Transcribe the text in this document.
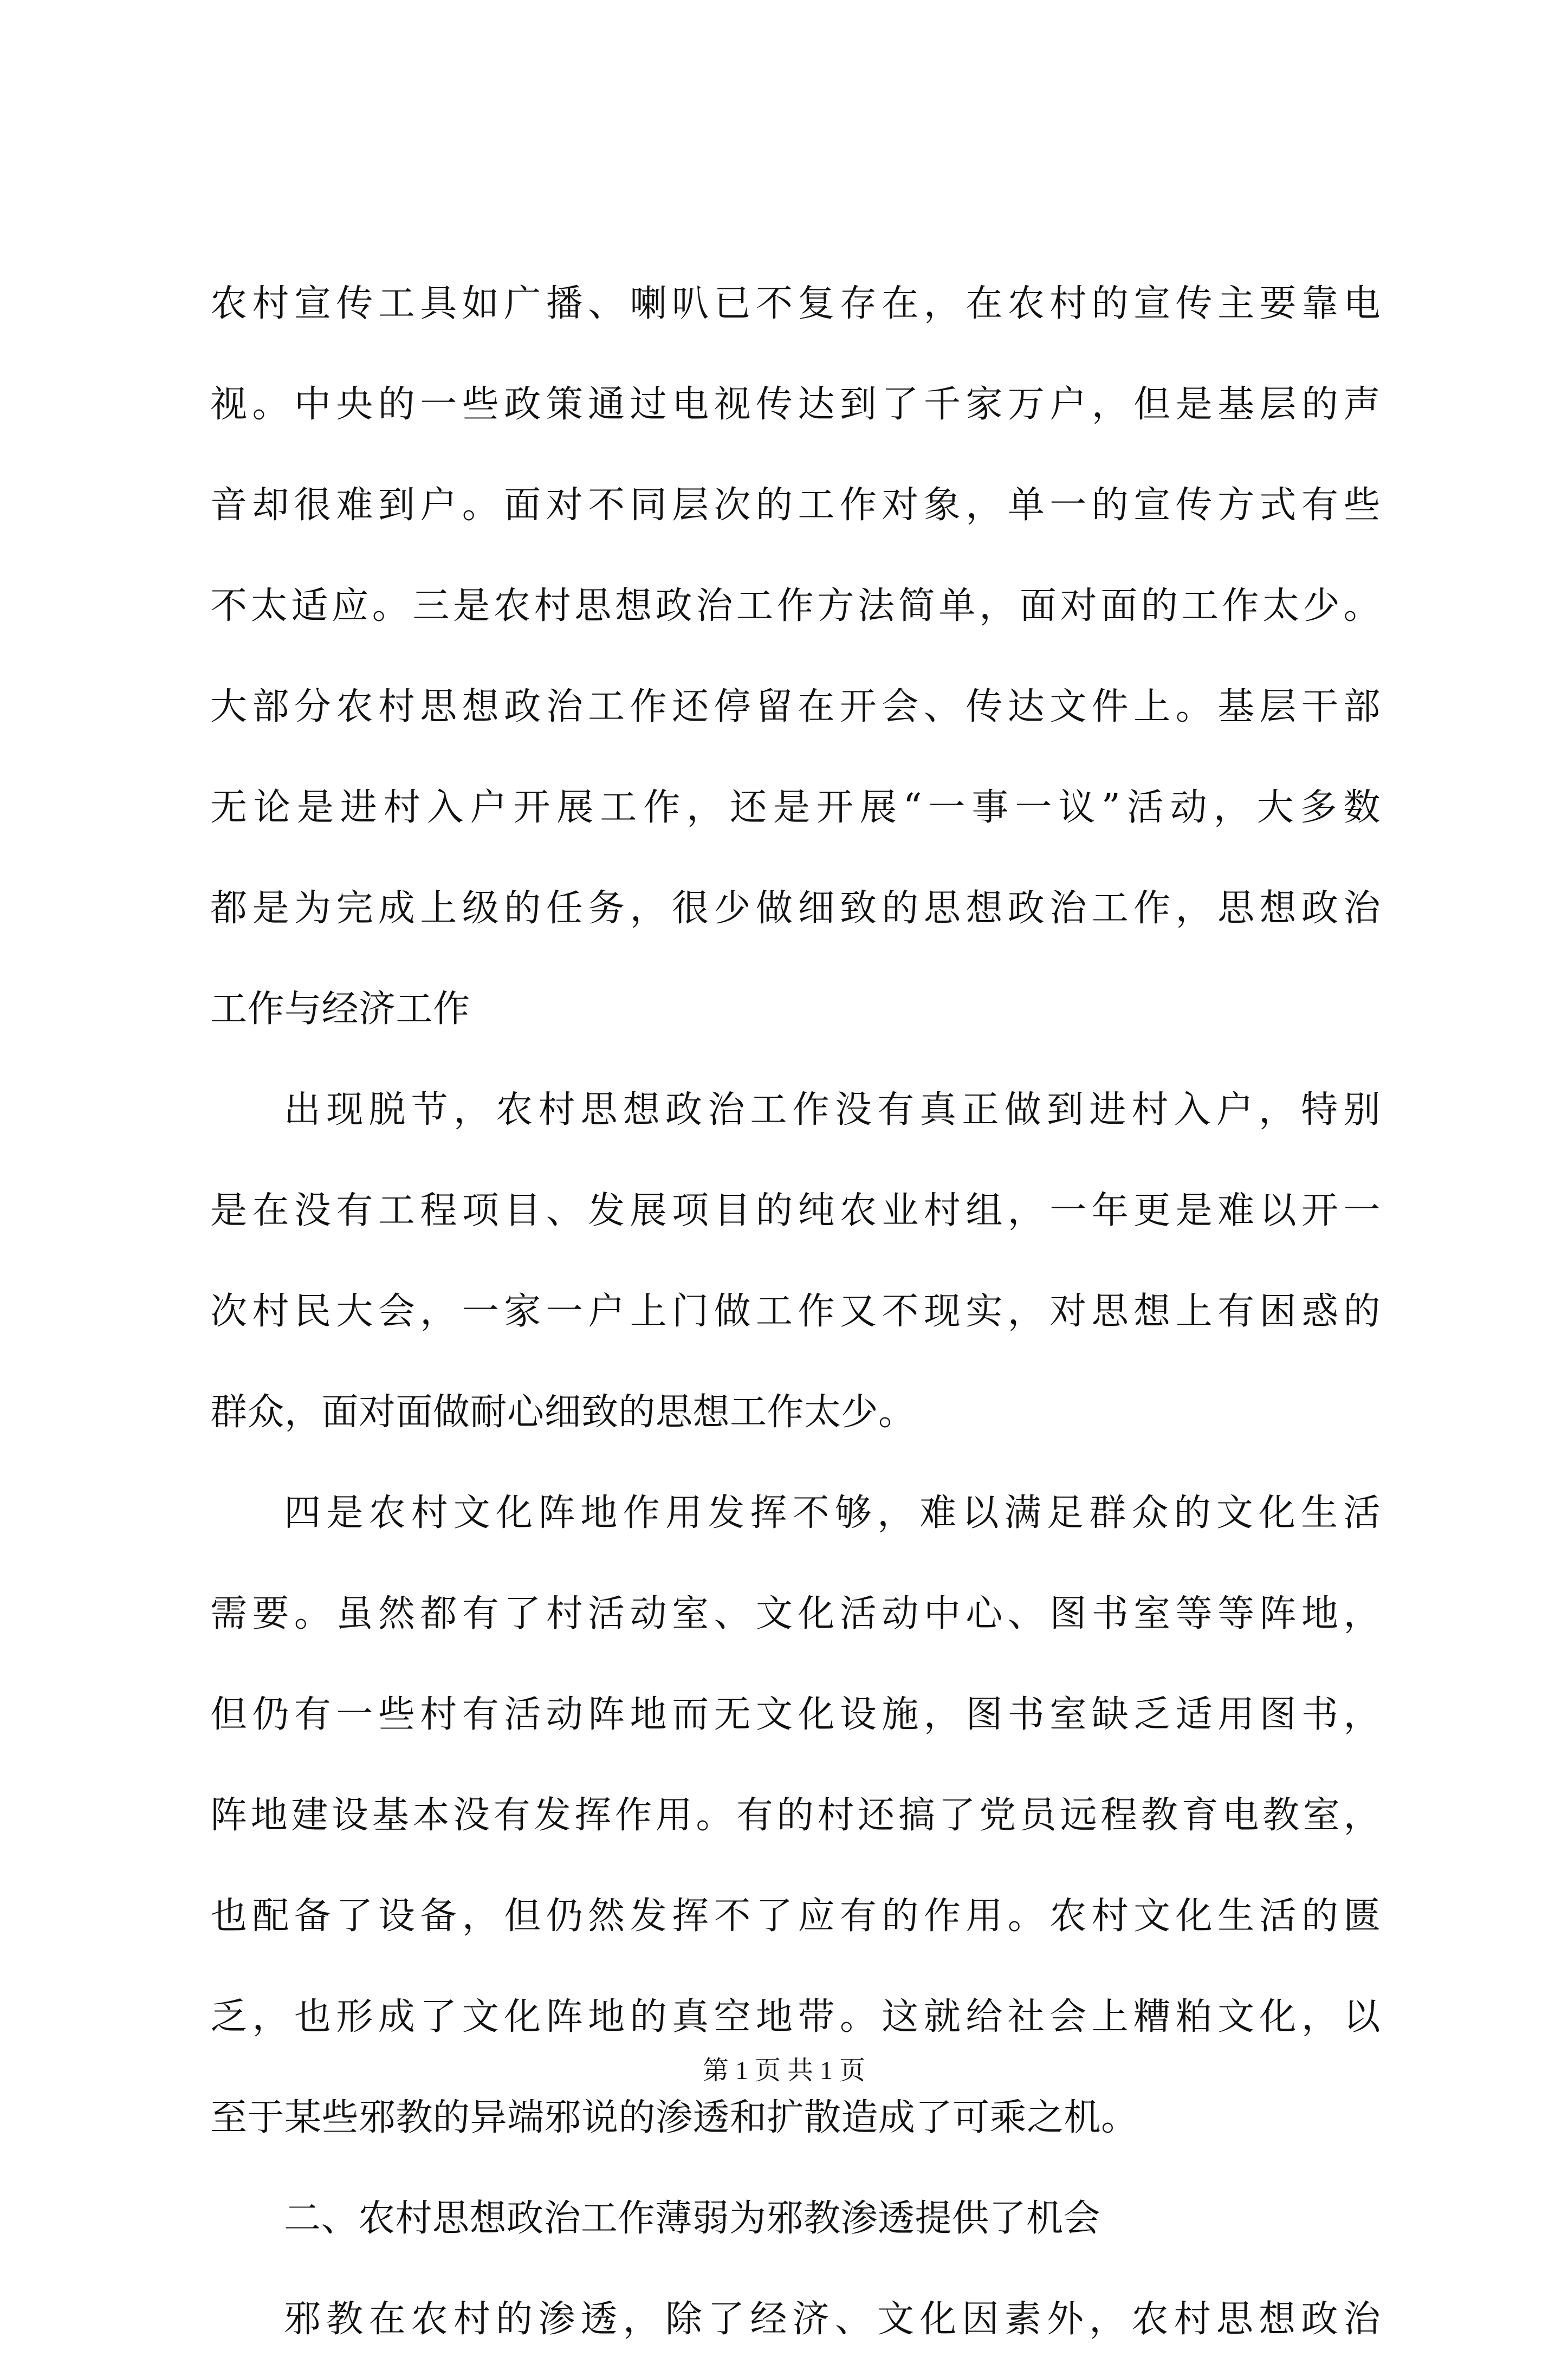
农村宣传工具如广播、喇叭已不复存在，在农村的宣传主要靠电
视。中央的一些政策通过电视传达到了千家万户，但是基层的声
音却很难到户。面对不同层次的工作对象，单一的宣传方式有些
不太适应。三是农村思想政治工作方法简单，面对面的工作太少。
大部分农村思想政治工作还停留在开会、传达文件上。基层干部
无论是进村入户开展工作，还是开展“一事一议”活动，大多数
都是为完成上级的任务，很少做细致的思想政治工作，思想政治
工作与经济工作
出现脱节，农村思想政治工作没有真正做到进村入户，特别
是在没有工程项目、发展项目的纯农业村组，一年更是难以开一
次村民大会，一家一户上门做工作又不现实，对思想上有困惑的
群众，面对面做耐心细致的思想工作太少。
四是农村文化阵地作用发挥不够，难以满足群众的文化生活
需要。虽然都有了村活动室、文化活动中心、图书室等等阵地，
但仍有一些村有活动阵地而无文化设施，图书室缺乏适用图书，
阵地建设基本没有发挥作用。有的村还搞了党员远程教育电教室，
也配备了设备，但仍然发挥不了应有的作用。农村文化生活的匮
乏，也形成了文化阵地的真空地带。这就给社会上糟粕文化，以
至于某些邪教的异端邪说的渗透和扩散造成了可乘之机。
二、农村思想政治工作薄弱为邪教渗透提供了机会
邪教在农村的渗透，除了经济、文化因素外，农村思想政治
第 1 页 共 1 页
